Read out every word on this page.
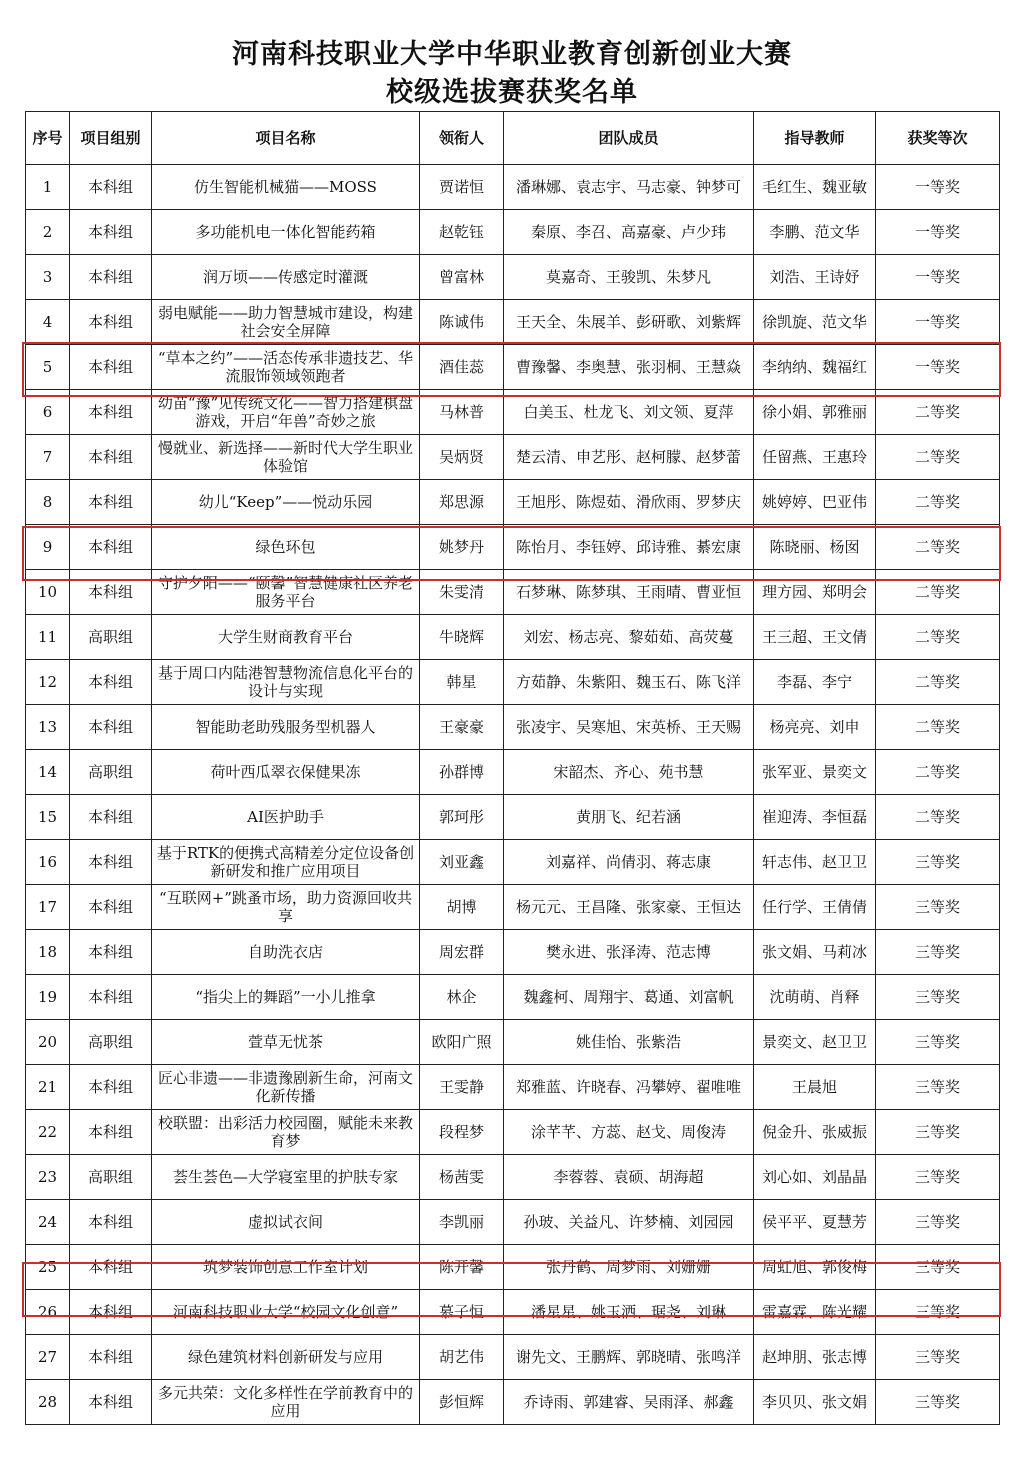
河南科技职业大学中华职业教育创新创业大赛
校级选拔赛获奖名单
序号	项目组别	项目名称	领衔人	团队成员	指导教师	获奖等次
1	本科组	仿生智能机械猫——MOSS	贾诺恒	潘琳娜、袁志宇、马志豪、钟梦可	毛红生、魏亚敏	一等奖
2	本科组	多功能机电一体化智能药箱	赵乾钰	秦原、李召、高嘉豪、卢少玮	李鹏、范文华	一等奖
3	本科组	润万顷——传感定时灌溉	曾富林	莫嘉奇、王骏凯、朱梦凡	刘浩、王诗妤	一等奖
4	本科组	弱电赋能——助力智慧城市建设，构建社会安全屏障	陈诚伟	王天全、朱展羊、彭研歌、刘紫辉	徐凯旋、范文华	一等奖
5	本科组	“草本之约”——活态传承非遗技艺、华流服饰领域领跑者	酒佳蕊	曹豫馨、李奥慧、张羽桐、王慧焱	李纳纳、魏福红	一等奖
6	本科组	幼苗“豫”见传统文化——智力搭建棋盘游戏，开启“年兽”奇妙之旅	马林普	白美玉、杜龙飞、刘文领、夏萍	徐小娟、郭雅丽	二等奖
7	本科组	慢就业、新选择——新时代大学生职业体验馆	吴炳贤	楚云清、申艺彤、赵柯朦、赵梦蕾	任留燕、王惠玲	二等奖
8	本科组	幼儿“Keep”——悦动乐园	郑思源	王旭彤、陈煜茹、滑欣雨、罗梦庆	姚婷婷、巴亚伟	二等奖
9	本科组	绿色环包	姚梦丹	陈怡月、李钰婷、邱诗雅、綦宏康	陈晓丽、杨囡	二等奖
10	本科组	守护夕阳——“颐馨”智慧健康社区养老服务平台	朱雯清	石梦琳、陈梦琪、王雨晴、曹亚恒	理方园、郑明会	二等奖
11	高职组	大学生财商教育平台	牛晓辉	刘宏、杨志亮、黎茹茹、高荧蔓	王三超、王文倩	二等奖
12	本科组	基于周口内陆港智慧物流信息化平台的设计与实现	韩星	方茹静、朱紫阳、魏玉石、陈飞洋	李磊、李宁	二等奖
13	本科组	智能助老助残服务型机器人	王豪豪	张凌宇、吴寒旭、宋英桥、王天赐	杨亮亮、刘申	二等奖
14	高职组	荷叶西瓜翠衣保健果冻	孙群博	宋韶杰、齐心、苑书慧	张军亚、景奕文	二等奖
15	本科组	AI医护助手	郭珂彤	黄朋飞、纪若涵	崔迎涛、李恒磊	二等奖
16	本科组	基于RTK的便携式高精差分定位设备创新研发和推广应用项目	刘亚鑫	刘嘉祥、尚倩羽、蒋志康	轩志伟、赵卫卫	三等奖
17	本科组	“互联网+”跳蚤市场，助力资源回收共享	胡博	杨元元、王昌隆、张家豪、王恒达	任行学、王倩倩	三等奖
18	本科组	自助洗衣店	周宏群	樊永进、张泽涛、范志博	张文娟、马莉冰	三等奖
19	本科组	“指尖上的舞蹈”一小儿推拿	林企	魏鑫柯、周翔宇、葛通、刘富帆	沈萌萌、肖释	三等奖
20	高职组	萱草无忧茶	欧阳广照	姚佳怡、张紫浩	景奕文、赵卫卫	三等奖
21	本科组	匠心非遗——非遗豫剧新生命，河南文化新传播	王雯静	郑雅蓝、许晓春、冯攀婷、翟唯唯	王晨旭	三等奖
22	本科组	校联盟：出彩活力校园圈，赋能未来教育梦	段程梦	涂芊芊、方蕊、赵戈、周俊涛	倪金升、张威振	三等奖
23	高职组	荟生荟色—大学寝室里的护肤专家	杨茜雯	李蓉蓉、袁硕、胡海超	刘心如、刘晶晶	三等奖
24	本科组	虚拟试衣间	李凯丽	孙玻、关益凡、许梦楠、刘园园	侯平平、夏慧芳	三等奖
25	本科组	筑梦装饰创意工作室计划	陈开馨	张丹鹤、周梦雨、刘姗姗	周虹旭、郭俊梅	三等奖
26	本科组	河南科技职业大学“校园文化创意”	慕子恒	潘星星、姚玉洒、琚尧、刘琳	雷嘉霖、陈光耀	三等奖
27	本科组	绿色建筑材料创新研发与应用	胡艺伟	谢先文、王鹏辉、郭晓晴、张鸣洋	赵坤朋、张志博	三等奖
28	本科组	多元共荣：文化多样性在学前教育中的应用	彭恒辉	乔诗雨、郭建睿、吴雨泽、郝鑫	李贝贝、张文娟	三等奖
